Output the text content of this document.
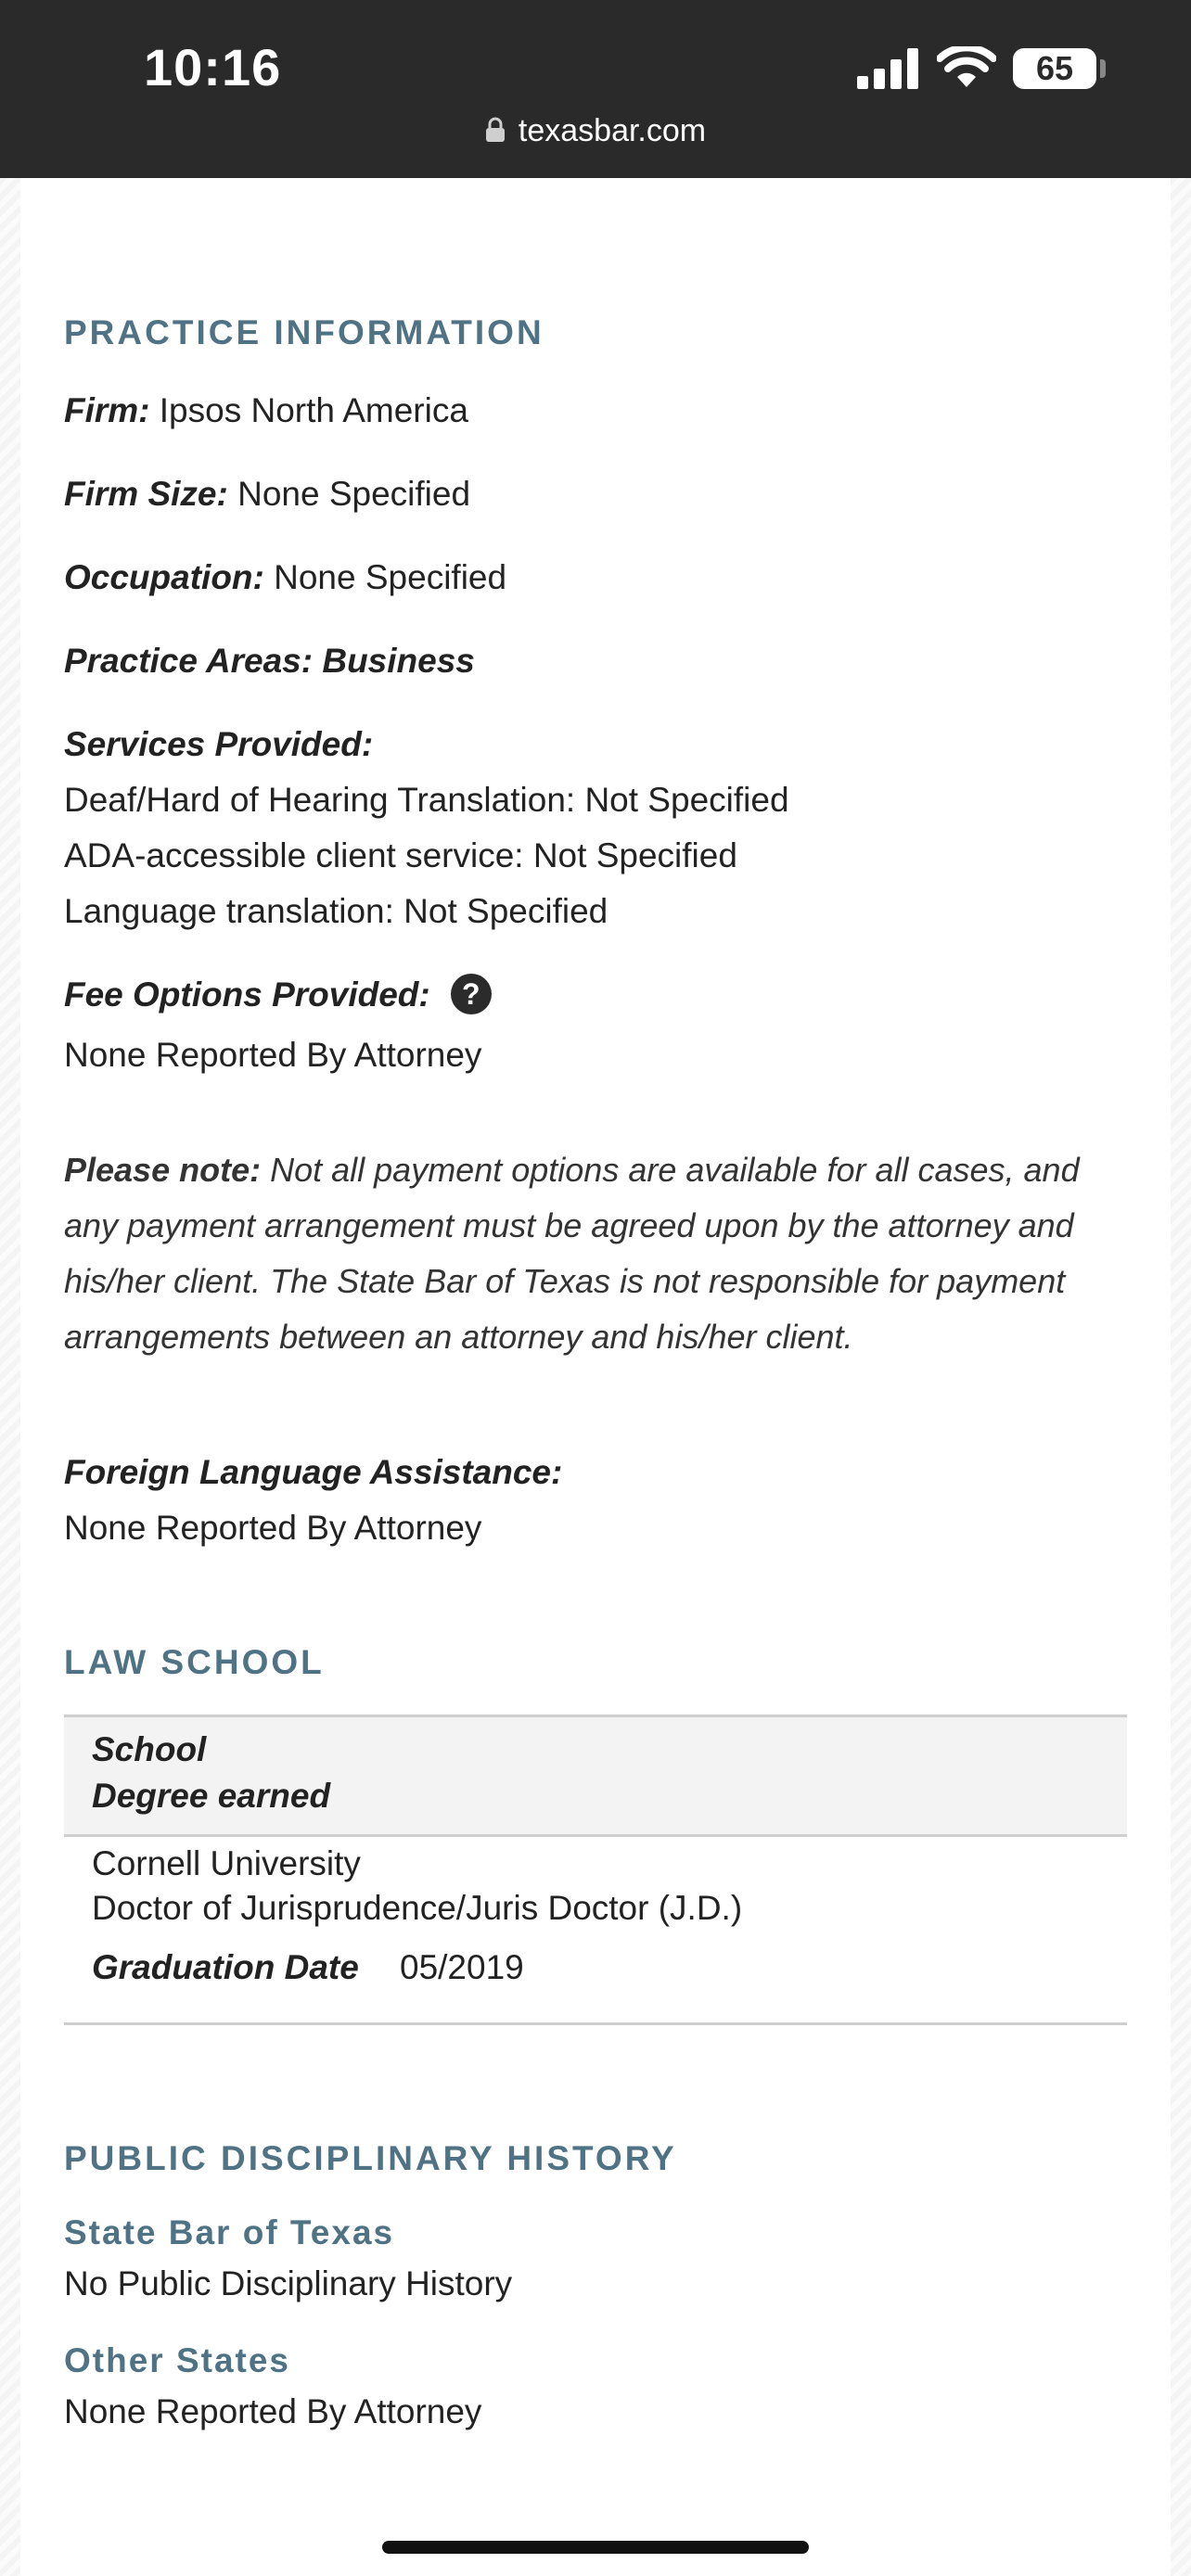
10:16	65
texasbar.com
PRACTICE INFORMATION
Firm: Ipsos North America
Firm Size: None Specified
Occupation: None Specified
Practice Areas: Business
Services Provided:
Deaf/Hard of Hearing Translation: Not Specified
ADA-accessible client service: Not Specified
Language translation: Not Specified
Fee Options Provided: ?
None Reported By Attorney
Please note: Not all payment options are available for all cases, and any payment arrangement must be agreed upon by the attorney and his/her client. The State Bar of Texas is not responsible for payment arrangements between an attorney and his/her client.
Foreign Language Assistance:
None Reported By Attorney
LAW SCHOOL
School
Degree earned
Cornell University
Doctor of Jurisprudence/Juris Doctor (J.D.)
Graduation Date 05/2019
PUBLIC DISCIPLINARY HISTORY
State Bar of Texas
No Public Disciplinary History
Other States
None Reported By Attorney
